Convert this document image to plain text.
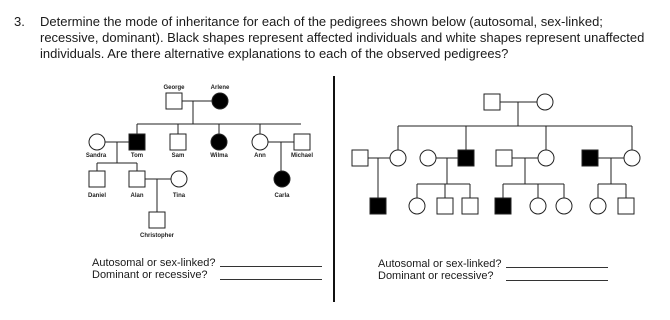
3. Determine the mode of inheritance for each of the pedigrees shown below (autosomal, sex-linked; recessive, dominant). Black shapes represent affected individuals and white shapes represent unaffected individuals. Are there alternative explanations to each of the observed pedigrees?
George	Arlene
Sandra	Tom	Sam	Wilma	Ann	Michael
Daniel	Alan	Tina	Carla
Christopher
Autosomal or sex-linked?
Dominant or recessive?
Autosomal or sex-linked?
Dominant or recessive?
